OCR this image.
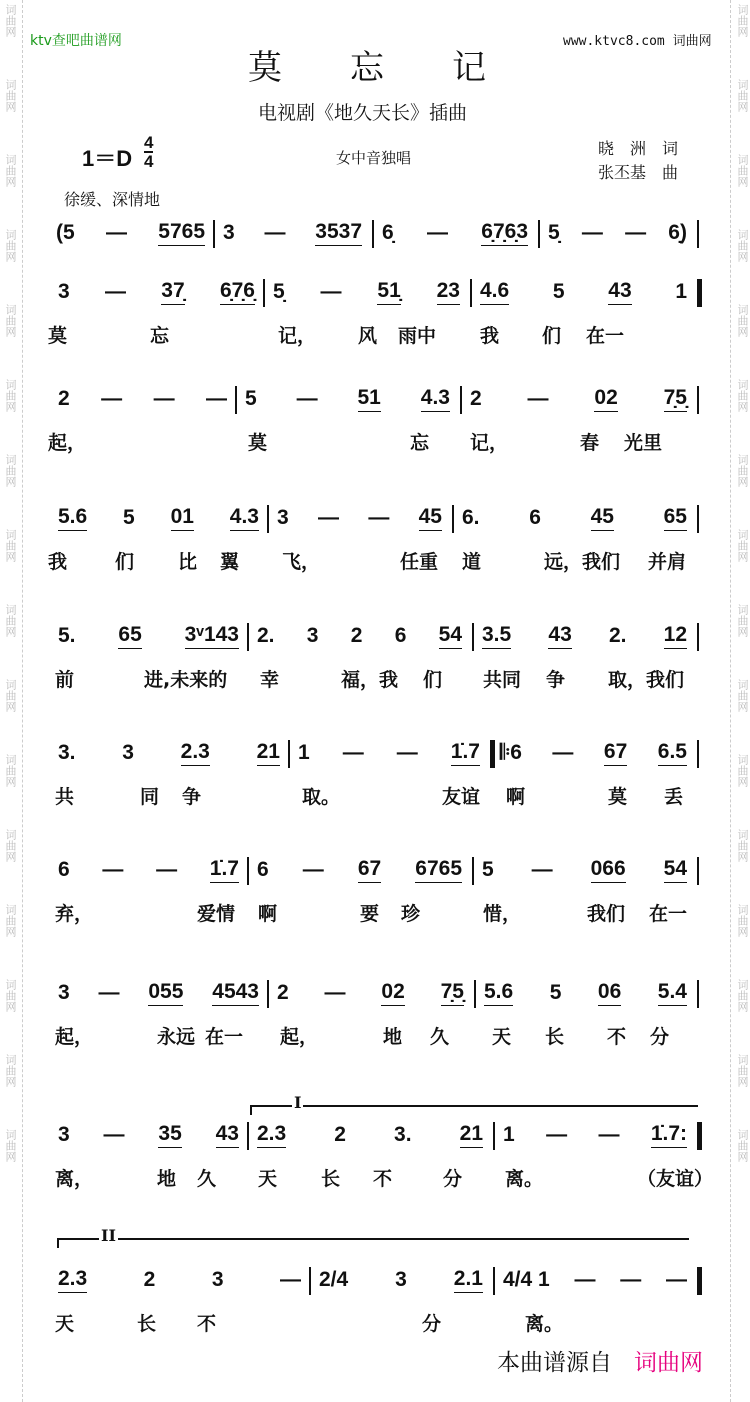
词曲网
词曲网
词曲网
词曲网
词曲网
词曲网
词曲网
词曲网
词曲网
词曲网
词曲网
词曲网
词曲网
词曲网
词曲网
词曲网
词曲网
词曲网
词曲网
词曲网
词曲网
词曲网
词曲网
词曲网
词曲网
词曲网
词曲网
词曲网
词曲网
词曲网
词曲网
词曲网
ktv查吧曲谱网	www.ktvc8.com 词曲网
莫　　忘　　记
电视剧《地久天长》插曲
1＝D
4
4	女中音独唱	晓　洲　词
张丕基　曲
徐缓、深情地
(5 — 5765 3 — 3537 6̣ — 6̣7̣6̣3 5̣ — — 6̣)
3 — 37̣ 6̣7̣6̣ 5̣ — 51̣ 23 4.6 5 43 1
莫	忘	记， 风 雨中 我 们 在一
2 — — — 5 — 51 4.3 2 — 02 7̣5̣
起，	莫	忘 记，	春 光里
5.6 5 01 4.3 3 — — 45 6. 6 45 65
我	们 比 翼 飞，	任重 道	远，我们 并肩
5. 65 3ᵛ143 2. 3 2 6 54 3.5 43 2. 12
前	进,未来的 幸	福，我 们 共同 争 取，我们
3. 3 2.3 21 1 — — 1̇.7 𝄆6 — 67 6.5
共	同 争	取。	友谊 啊	莫 丢
6 — — 1̇.7 6 — 67 6765 5 — 066 54
弃，	爱情 啊	要 珍	惜，	我们 在一
3 — 055 4543 2 — 02 7̣5̣ 5.6 5 06 5.4
起，	永远 在一 起，	地 久 天 长 不 分
3 — 35 43 2.3 2 3. 21 1 — — 1̇.7:
离，	地 久 天 长 不	分 离。	（友谊）
2.3	2	3	— 2/4 3 2.1 4/4 1 — — —
天	长 不	分	离。
I
II
本曲谱源自 词曲网
